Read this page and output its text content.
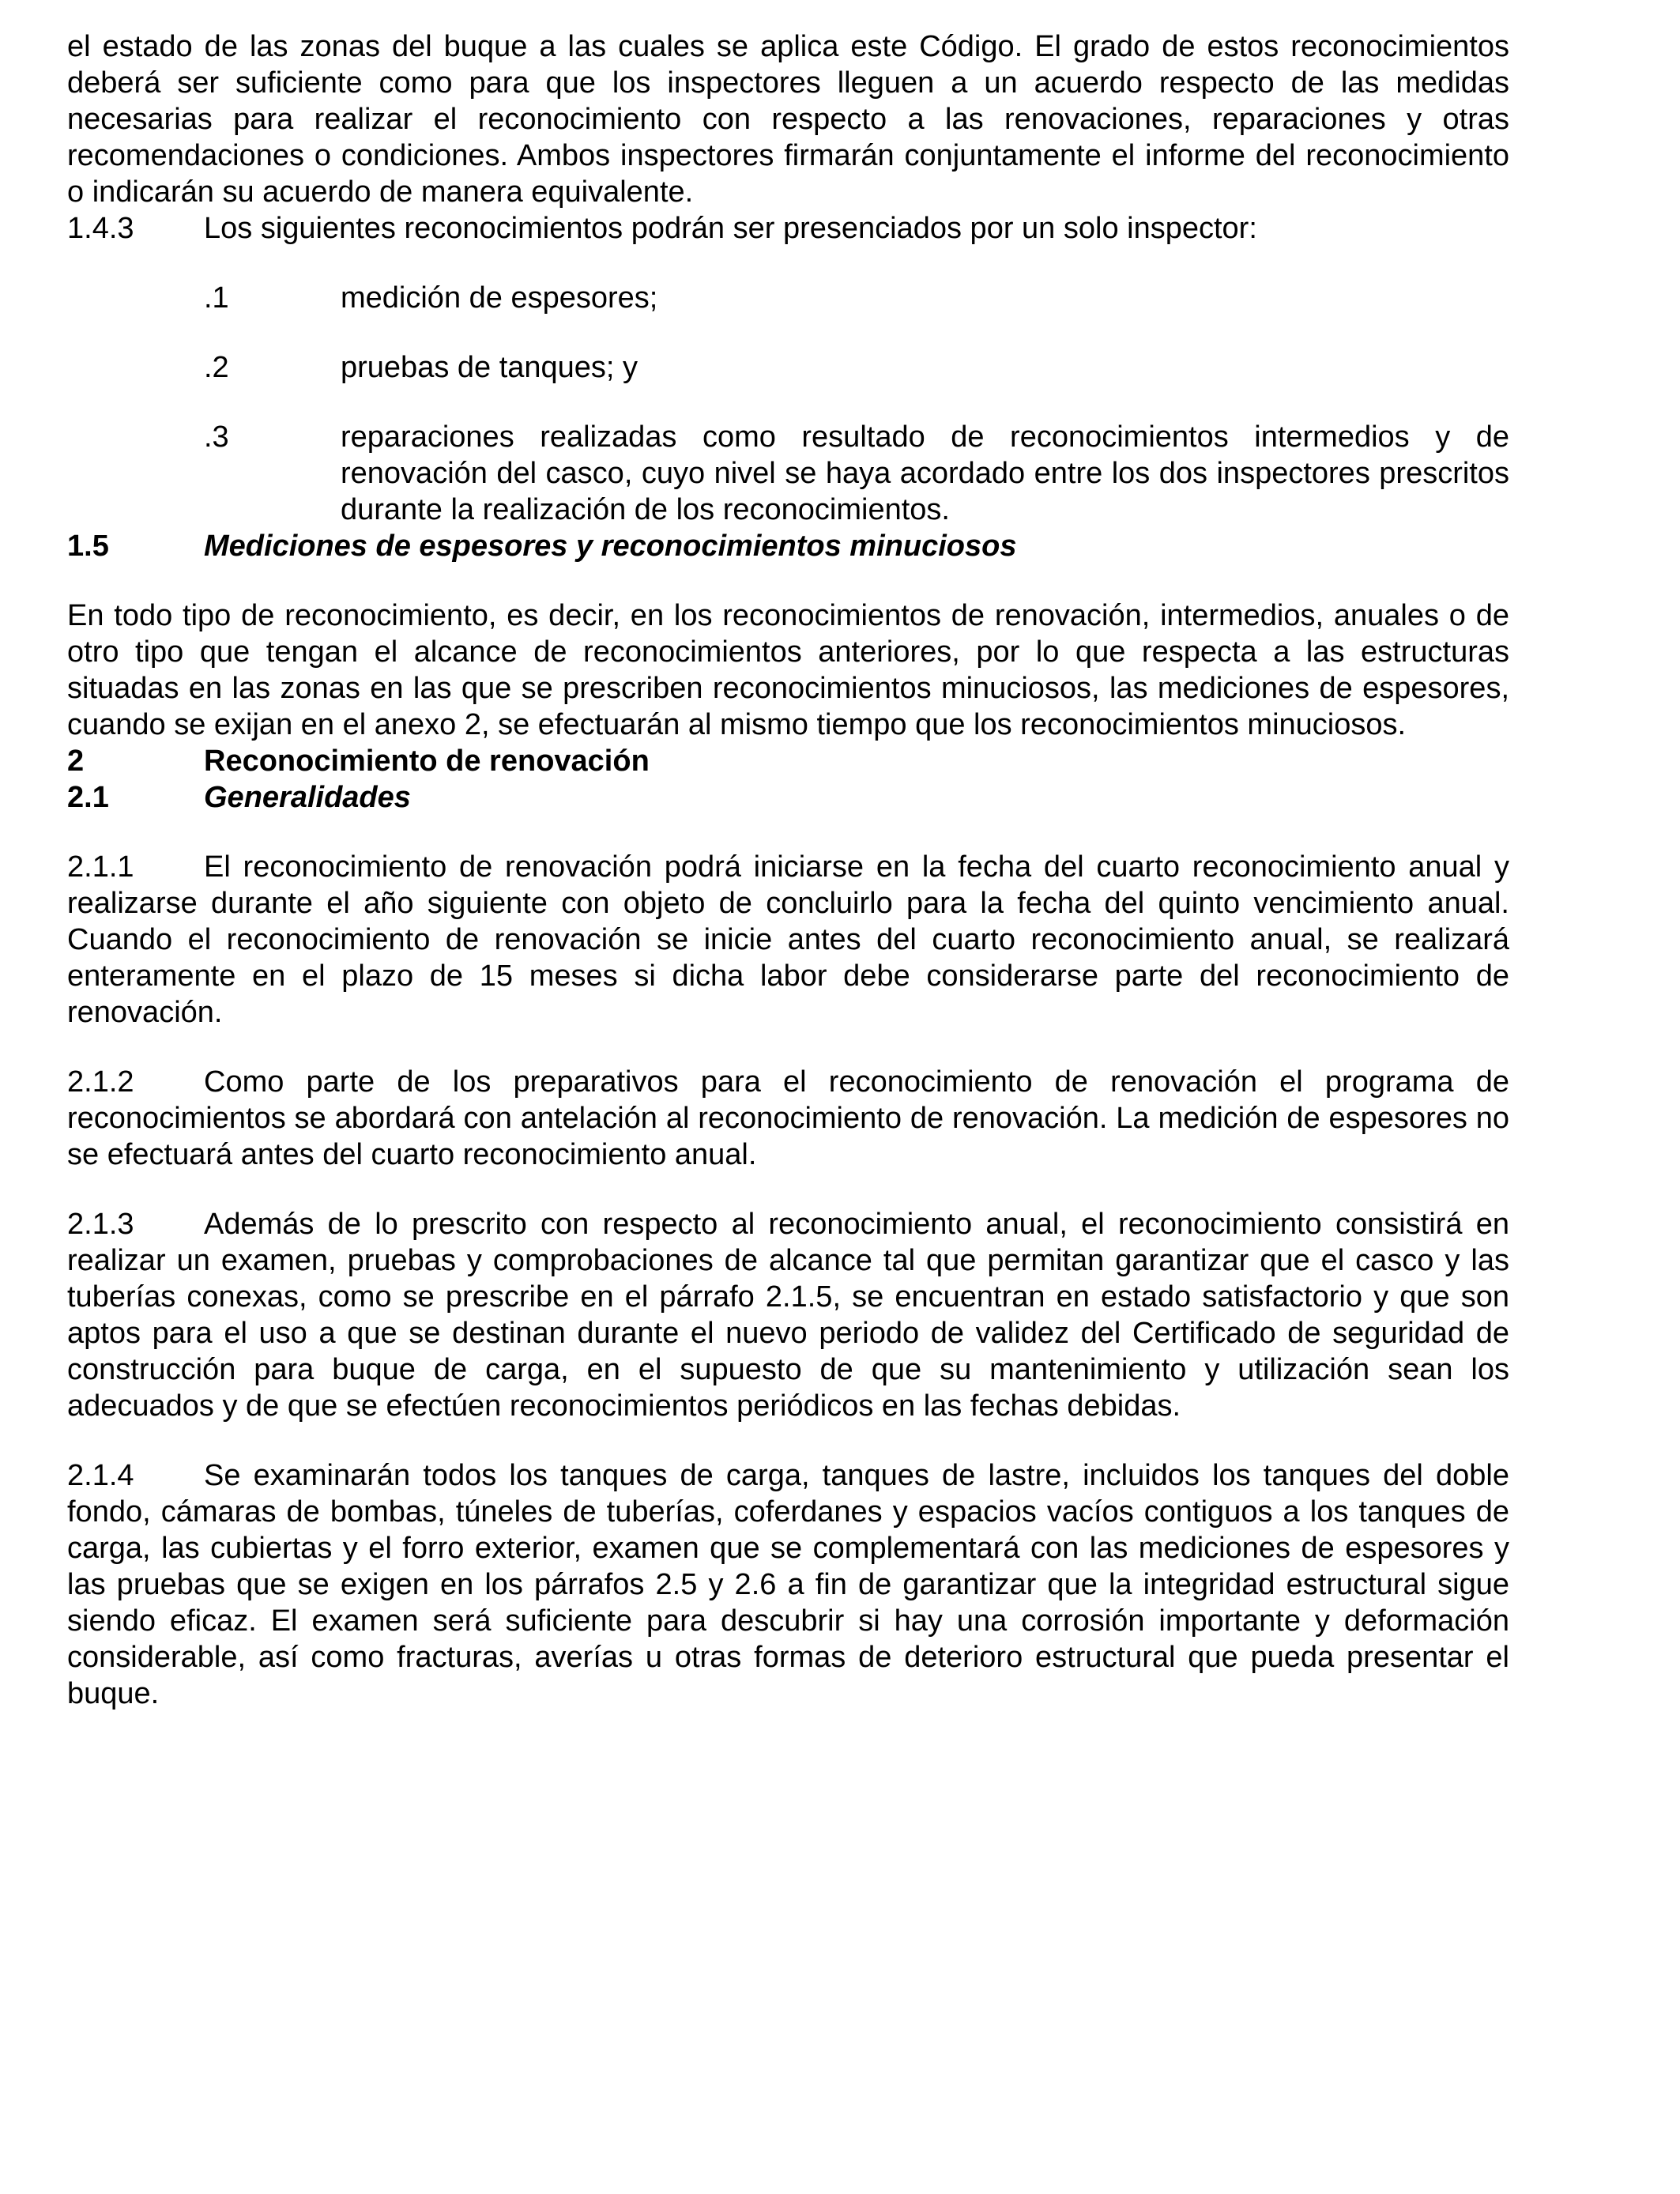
el estado de las zonas del buque a las cuales se aplica este Código. El grado de estos reconocimientos deberá ser suficiente como para que los inspectores lleguen a un acuerdo respecto de las medidas necesarias para realizar el reconocimiento con respecto a las renovaciones, reparaciones y otras recomendaciones o condiciones. Ambos inspectores firmarán conjuntamente el informe del reconocimiento o indicarán su acuerdo de manera equivalente.

1.4.3	Los siguientes reconocimientos podrán ser presenciados por un solo inspector:
.1	medición de espesores;
.2	pruebas de tanques; y
.3	reparaciones realizadas como resultado de reconocimientos intermedios y de renovación del casco, cuyo nivel se haya acordado entre los dos inspectores prescritos durante la realización de los reconocimientos.
1.5	Mediciones de espesores y reconocimientos minuciosos

En todo tipo de reconocimiento, es decir, en los reconocimientos de renovación, intermedios, anuales o de otro tipo que tengan el alcance de reconocimientos anteriores, por lo que respecta a las estructuras situadas en las zonas en las que se prescriben reconocimientos minuciosos, las mediciones de espesores, cuando se exijan en el anexo 2, se efectuarán al mismo tiempo que los reconocimientos minuciosos.

2	Reconocimiento de renovación
2.1	Generalidades

2.1.1 El reconocimiento de renovación podrá iniciarse en la fecha del cuarto reconocimiento anual y realizarse durante el año siguiente con objeto de concluirlo para la fecha del quinto vencimiento anual. Cuando el reconocimiento de renovación se inicie antes del cuarto reconocimiento anual, se realizará enteramente en el plazo de 15 meses si dicha labor debe considerarse parte del reconocimiento de renovación.

2.1.2 Como parte de los preparativos para el reconocimiento de renovación el programa de reconocimientos se abordará con antelación al reconocimiento de renovación. La medición de espesores no se efectuará antes del cuarto reconocimiento anual.

2.1.3 Además de lo prescrito con respecto al reconocimiento anual, el reconocimiento consistirá en realizar un examen, pruebas y comprobaciones de alcance tal que permitan garantizar que el casco y las tuberías conexas, como se prescribe en el párrafo 2.1.5, se encuentran en estado satisfactorio y que son aptos para el uso a que se destinan durante el nuevo periodo de validez del Certificado de seguridad de construcción para buque de carga, en el supuesto de que su mantenimiento y utilización sean los adecuados y de que se efectúen reconocimientos periódicos en las fechas debidas.

2.1.4 Se examinarán todos los tanques de carga, tanques de lastre, incluidos los tanques del doble fondo, cámaras de bombas, túneles de tuberías, coferdanes y espacios vacíos contiguos a los tanques de carga, las cubiertas y el forro exterior, examen que se complementará con las mediciones de espesores y las pruebas que se exigen en los párrafos 2.5 y 2.6 a fin de garantizar que la integridad estructural sigue siendo eficaz. El examen será suficiente para descubrir si hay una corrosión importante y deformación considerable, así como fracturas, averías u otras formas de deterioro estructural que pueda presentar el buque.
